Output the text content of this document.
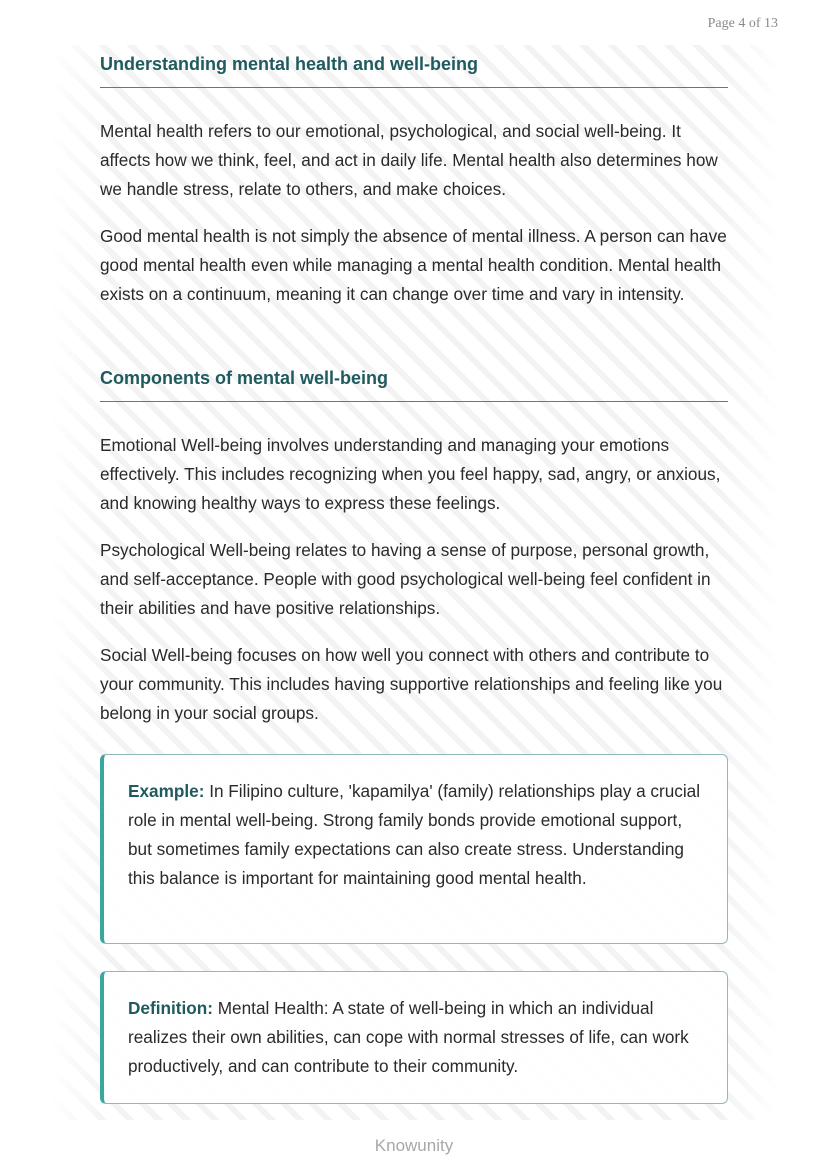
Page 4 of 13
Understanding mental health and well-being

Mental health refers to our emotional, psychological, and social well-being. It affects how we think, feel, and act in daily life. Mental health also determines how we handle stress, relate to others, and make choices.

Good mental health is not simply the absence of mental illness. A person can have good mental health even while managing a mental health condition. Mental health exists on a continuum, meaning it can change over time and vary in intensity.

Components of mental well-being

Emotional Well-being involves understanding and managing your emotions effectively. This includes recognizing when you feel happy, sad, angry, or anxious, and knowing healthy ways to express these feelings.

Psychological Well-being relates to having a sense of purpose, personal growth, and self-acceptance. People with good psychological well-being feel confident in their abilities and have positive relationships.

Social Well-being focuses on how well you connect with others and contribute to your community. This includes having supportive relationships and feeling like you belong in your social groups.

Example: In Filipino culture, 'kapamilya' (family) relationships play a crucial role in mental well-being. Strong family bonds provide emotional support, but sometimes family expectations can also create stress. Understanding this balance is important for maintaining good mental health.

Definition: Mental Health: A state of well-being in which an individual realizes their own abilities, can cope with normal stresses of life, can work productively, and can contribute to their community.

Knowunity
